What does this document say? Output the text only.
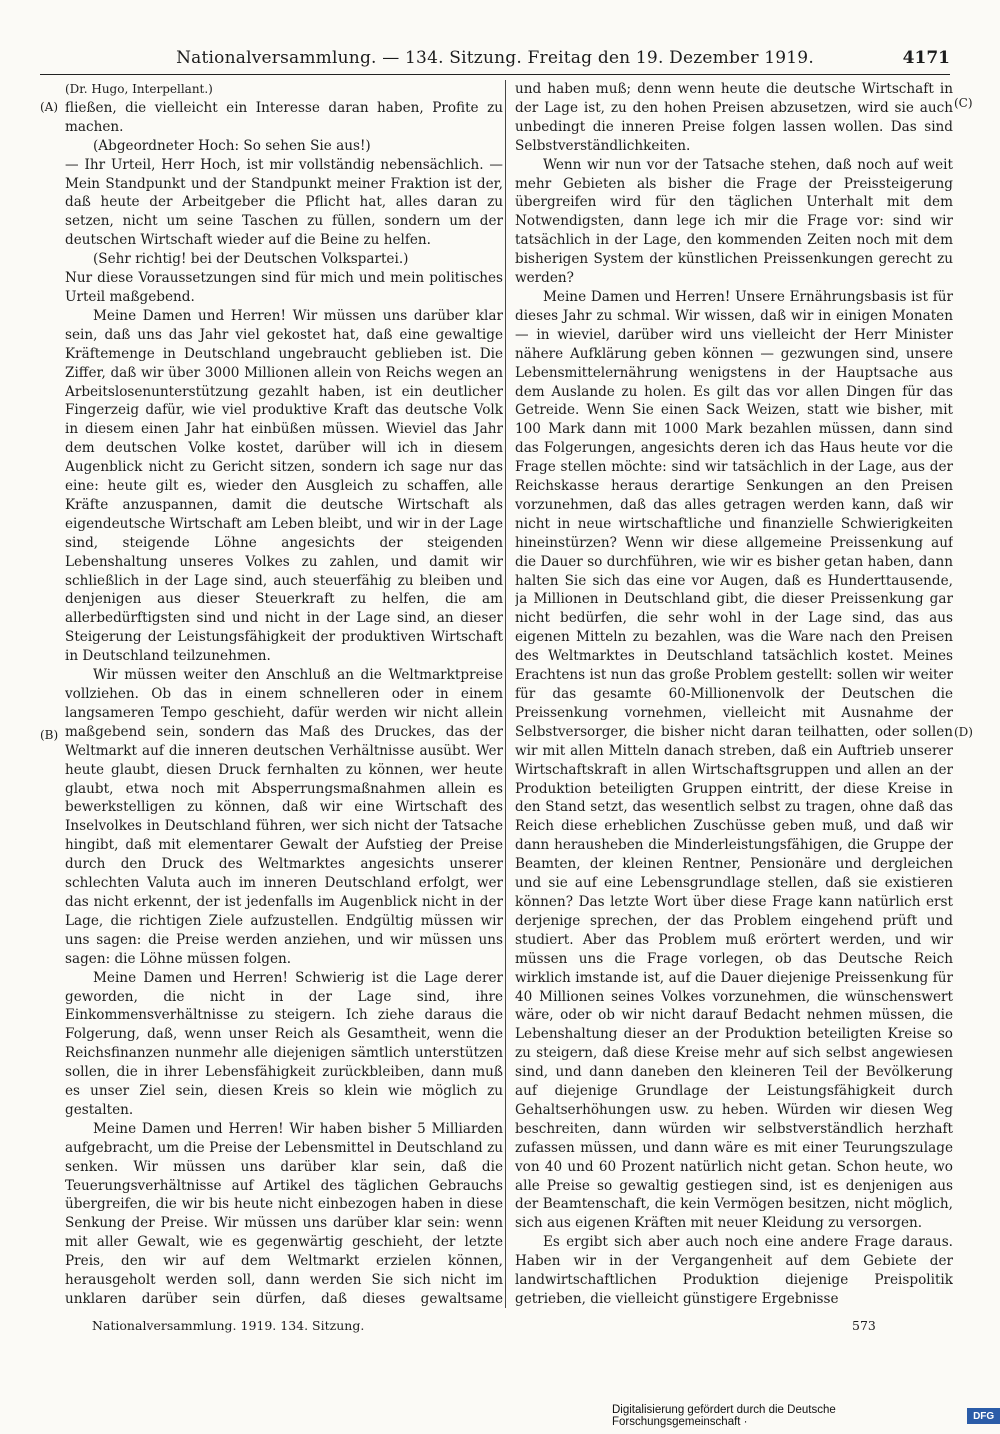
Nationalversammlung. — 134. Sitzung. Freitag den 19. Dezember 1919.	4171
(A)
(B)
(C)
(D)

(Dr. Hugo, Interpellant.)

fließen, die vielleicht ein Interesse daran haben, Profite zu machen.

(Abgeordneter Hoch: So sehen Sie aus!)

— Ihr Urteil, Herr Hoch, ist mir vollständig nebensächlich. — Mein Standpunkt und der Standpunkt meiner Fraktion ist der, daß heute der Arbeitgeber die Pflicht hat, alles daran zu setzen, nicht um seine Taschen zu füllen, sondern um der deutschen Wirtschaft wieder auf die Beine zu helfen.

(Sehr richtig! bei der Deutschen Volkspartei.)

Nur diese Voraussetzungen sind für mich und mein politisches Urteil maßgebend.

Meine Damen und Herren! Wir müssen uns darüber klar sein, daß uns das Jahr viel gekostet hat, daß eine gewaltige Kräftemenge in Deutschland ungebraucht geblieben ist. Die Ziffer, daß wir über 3000 Millionen allein von Reichs wegen an Arbeitslosenunterstützung gezahlt haben, ist ein deutlicher Fingerzeig dafür, wie viel produktive Kraft das deutsche Volk in diesem einen Jahr hat einbüßen müssen. Wieviel das Jahr dem deutschen Volke kostet, darüber will ich in diesem Augenblick nicht zu Gericht sitzen, sondern ich sage nur das eine: heute gilt es, wieder den Ausgleich zu schaffen, alle Kräfte anzuspannen, damit die deutsche Wirtschaft als eigendeutsche Wirtschaft am Leben bleibt, und wir in der Lage sind, steigende Löhne angesichts der steigenden Lebenshaltung unseres Volkes zu zahlen, und damit wir schließlich in der Lage sind, auch steuerfähig zu bleiben und denjenigen aus dieser Steuerkraft zu helfen, die am allerbedürftigsten sind und nicht in der Lage sind, an dieser Steigerung der Leistungsfähigkeit der produktiven Wirtschaft in Deutschland teilzunehmen.

Wir müssen weiter den Anschluß an die Weltmarktpreise vollziehen. Ob das in einem schnelleren oder in einem langsameren Tempo geschieht, dafür werden wir nicht allein maßgebend sein, sondern das Maß des Druckes, das der Weltmarkt auf die inneren deutschen Verhältnisse ausübt. Wer heute glaubt, diesen Druck fernhalten zu können, wer heute glaubt, etwa noch mit Absperrungsmaßnahmen allein es bewerkstelligen zu können, daß wir eine Wirtschaft des Inselvolkes in Deutschland führen, wer sich nicht der Tatsache hingibt, daß mit elementarer Gewalt der Aufstieg der Preise durch den Druck des Weltmarktes angesichts unserer schlechten Valuta auch im inneren Deutschland erfolgt, wer das nicht erkennt, der ist jedenfalls im Augenblick nicht in der Lage, die richtigen Ziele aufzustellen. Endgültig müssen wir uns sagen: die Preise werden anziehen, und wir müssen uns sagen: die Löhne müssen folgen.

Meine Damen und Herren! Schwierig ist die Lage derer geworden, die nicht in der Lage sind, ihre Einkommensverhältnisse zu steigern. Ich ziehe daraus die Folgerung, daß, wenn unser Reich als Gesamtheit, wenn die Reichsfinanzen nunmehr alle diejenigen sämtlich unterstützen sollen, die in ihrer Lebensfähigkeit zurückbleiben, dann muß es unser Ziel sein, diesen Kreis so klein wie möglich zu gestalten.

Meine Damen und Herren! Wir haben bisher 5 Milliarden aufgebracht, um die Preise der Lebensmittel in Deutschland zu senken. Wir müssen uns darüber klar sein, daß die Teuerungsverhältnisse auf Artikel des täglichen Gebrauchs übergreifen, die wir bis heute nicht einbezogen haben in diese Senkung der Preise. Wir müssen uns darüber klar sein: wenn mit aller Gewalt, wie es gegenwärtig geschieht, der letzte Preis, den wir auf dem Weltmarkt erzielen können, herausgeholt werden soll, dann werden Sie sich nicht im unklaren darüber sein dürfen, daß dieses gewaltsame

und haben muß; denn wenn heute die deutsche Wirtschaft in der Lage ist, zu den hohen Preisen abzusetzen, wird sie auch unbedingt die inneren Preise folgen lassen wollen. Das sind Selbstverständlichkeiten.

Wenn wir nun vor der Tatsache stehen, daß noch auf weit mehr Gebieten als bisher die Frage der Preissteigerung übergreifen wird für den täglichen Unterhalt mit dem Notwendigsten, dann lege ich mir die Frage vor: sind wir tatsächlich in der Lage, den kommenden Zeiten noch mit dem bisherigen System der künstlichen Preissenkungen gerecht zu werden?

Meine Damen und Herren! Unsere Ernährungsbasis ist für dieses Jahr zu schmal. Wir wissen, daß wir in einigen Monaten — in wieviel, darüber wird uns vielleicht der Herr Minister nähere Aufklärung geben können — gezwungen sind, unsere Lebensmittelernährung wenigstens in der Hauptsache aus dem Auslande zu holen. Es gilt das vor allen Dingen für das Getreide. Wenn Sie einen Sack Weizen, statt wie bisher, mit 100 Mark dann mit 1000 Mark bezahlen müssen, dann sind das Folgerungen, angesichts deren ich das Haus heute vor die Frage stellen möchte: sind wir tatsächlich in der Lage, aus der Reichskasse heraus derartige Senkungen an den Preisen vorzunehmen, daß das alles getragen werden kann, daß wir nicht in neue wirtschaftliche und finanzielle Schwierigkeiten hineinstürzen? Wenn wir diese allgemeine Preissenkung auf die Dauer so durchführen, wie wir es bisher getan haben, dann halten Sie sich das eine vor Augen, daß es Hunderttausende, ja Millionen in Deutschland gibt, die dieser Preissenkung gar nicht bedürfen, die sehr wohl in der Lage sind, das aus eigenen Mitteln zu bezahlen, was die Ware nach den Preisen des Weltmarktes in Deutschland tatsächlich kostet. Meines Erachtens ist nun das große Problem gestellt: sollen wir weiter für das gesamte 60-Millionenvolk der Deutschen die Preissenkung vornehmen, vielleicht mit Ausnahme der Selbstversorger, die bisher nicht daran teilhatten, oder sollen wir mit allen Mitteln danach streben, daß ein Auftrieb unserer Wirtschaftskraft in allen Wirtschaftsgruppen und allen an der Produktion beteiligten Gruppen eintritt, der diese Kreise in den Stand setzt, das wesentlich selbst zu tragen, ohne daß das Reich diese erheblichen Zuschüsse geben muß, und daß wir dann herausheben die Minderleistungsfähigen, die Gruppe der Beamten, der kleinen Rentner, Pensionäre und dergleichen und sie auf eine Lebensgrundlage stellen, daß sie existieren können? Das letzte Wort über diese Frage kann natürlich erst derjenige sprechen, der das Problem eingehend prüft und studiert. Aber das Problem muß erörtert werden, und wir müssen uns die Frage vorlegen, ob das Deutsche Reich wirklich imstande ist, auf die Dauer diejenige Preissenkung für 40 Millionen seines Volkes vorzunehmen, die wünschenswert wäre, oder ob wir nicht darauf Bedacht nehmen müssen, die Lebenshaltung dieser an der Produktion beteiligten Kreise so zu steigern, daß diese Kreise mehr auf sich selbst angewiesen sind, und dann daneben den kleineren Teil der Bevölkerung auf diejenige Grundlage der Leistungsfähigkeit durch Gehaltserhöhungen usw. zu heben. Würden wir diesen Weg beschreiten, dann würden wir selbstverständlich herzhaft zufassen müssen, und dann wäre es mit einer Teurungszulage von 40 und 60 Prozent natürlich nicht getan. Schon heute, wo alle Preise so gewaltig gestiegen sind, ist es denjenigen aus der Beamtenschaft, die kein Vermögen besitzen, nicht möglich, sich aus eigenen Kräften mit neuer Kleidung zu versorgen.

Es ergibt sich aber auch noch eine andere Frage daraus. Haben wir in der Vergangenheit auf dem Gebiete der landwirtschaftlichen Produktion diejenige Preispolitik getrieben, die vielleicht günstigere Ergebnisse

Nationalversammlung. 1919. 134. Sitzung.	573
Digitalisierung gefördert durch die Deutsche Forschungsgemeinschaft ·	DFG
